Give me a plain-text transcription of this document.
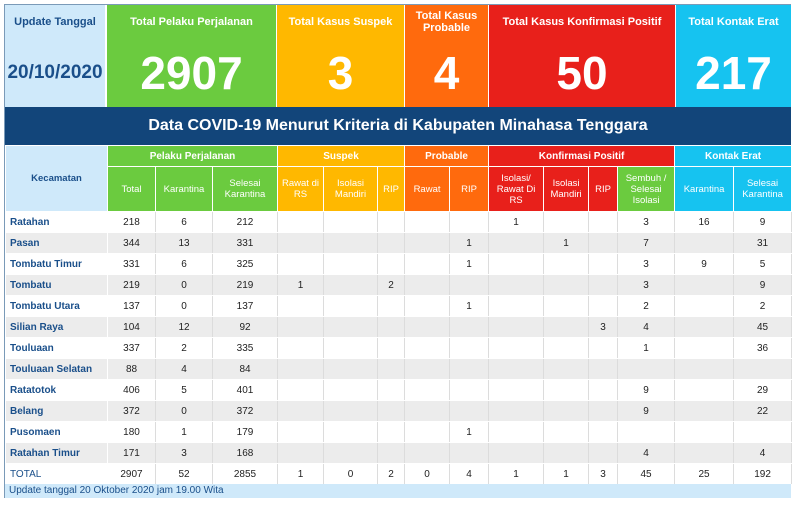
Update Tanggal
20/10/2020
Total Pelaku Perjalanan
2907
Total Kasus Suspek
3
Total Kasus Probable
4
Total Kasus Konfirmasi Positif
50
Total Kontak Erat
217
Data COVID-19 Menurut Kriteria di Kabupaten Minahasa Tenggara
Kecamatan	Pelaku Perjalanan			Suspek			Probable		Konfirmasi Positif				Kontak Erat	
	Total	Karantina	Selesai Karantina	Rawat di RS	Isolasi Mandiri	RIP	Rawat	RIP	Isolasi/ Rawat Di RS	Isolasi Mandiri	RIP	Sembuh / Selesai Isolasi	Karantina	Selesai Karantina
Ratahan	218	6	212						1			3	16	9
Pasan	344	13	331					1		1		7		31
Tombatu Timur	331	6	325					1				3	9	5
Tombatu	219	0	219	1		2						3		9
Tombatu Utara	137	0	137					1				2		2
Silian Raya	104	12	92								3	4		45
Touluaan	337	2	335									1		36
Touluaan Selatan	88	4	84											
Ratatotok	406	5	401									9		29
Belang	372	0	372									9		22
Pusomaen	180	1	179					1						
Ratahan Timur	171	3	168									4		4
TOTAL	2907	52	2855	1	0	2	0	4	1	1	3	45	25	192
Update tanggal 20 Oktober 2020 jam 19.00 Wita
